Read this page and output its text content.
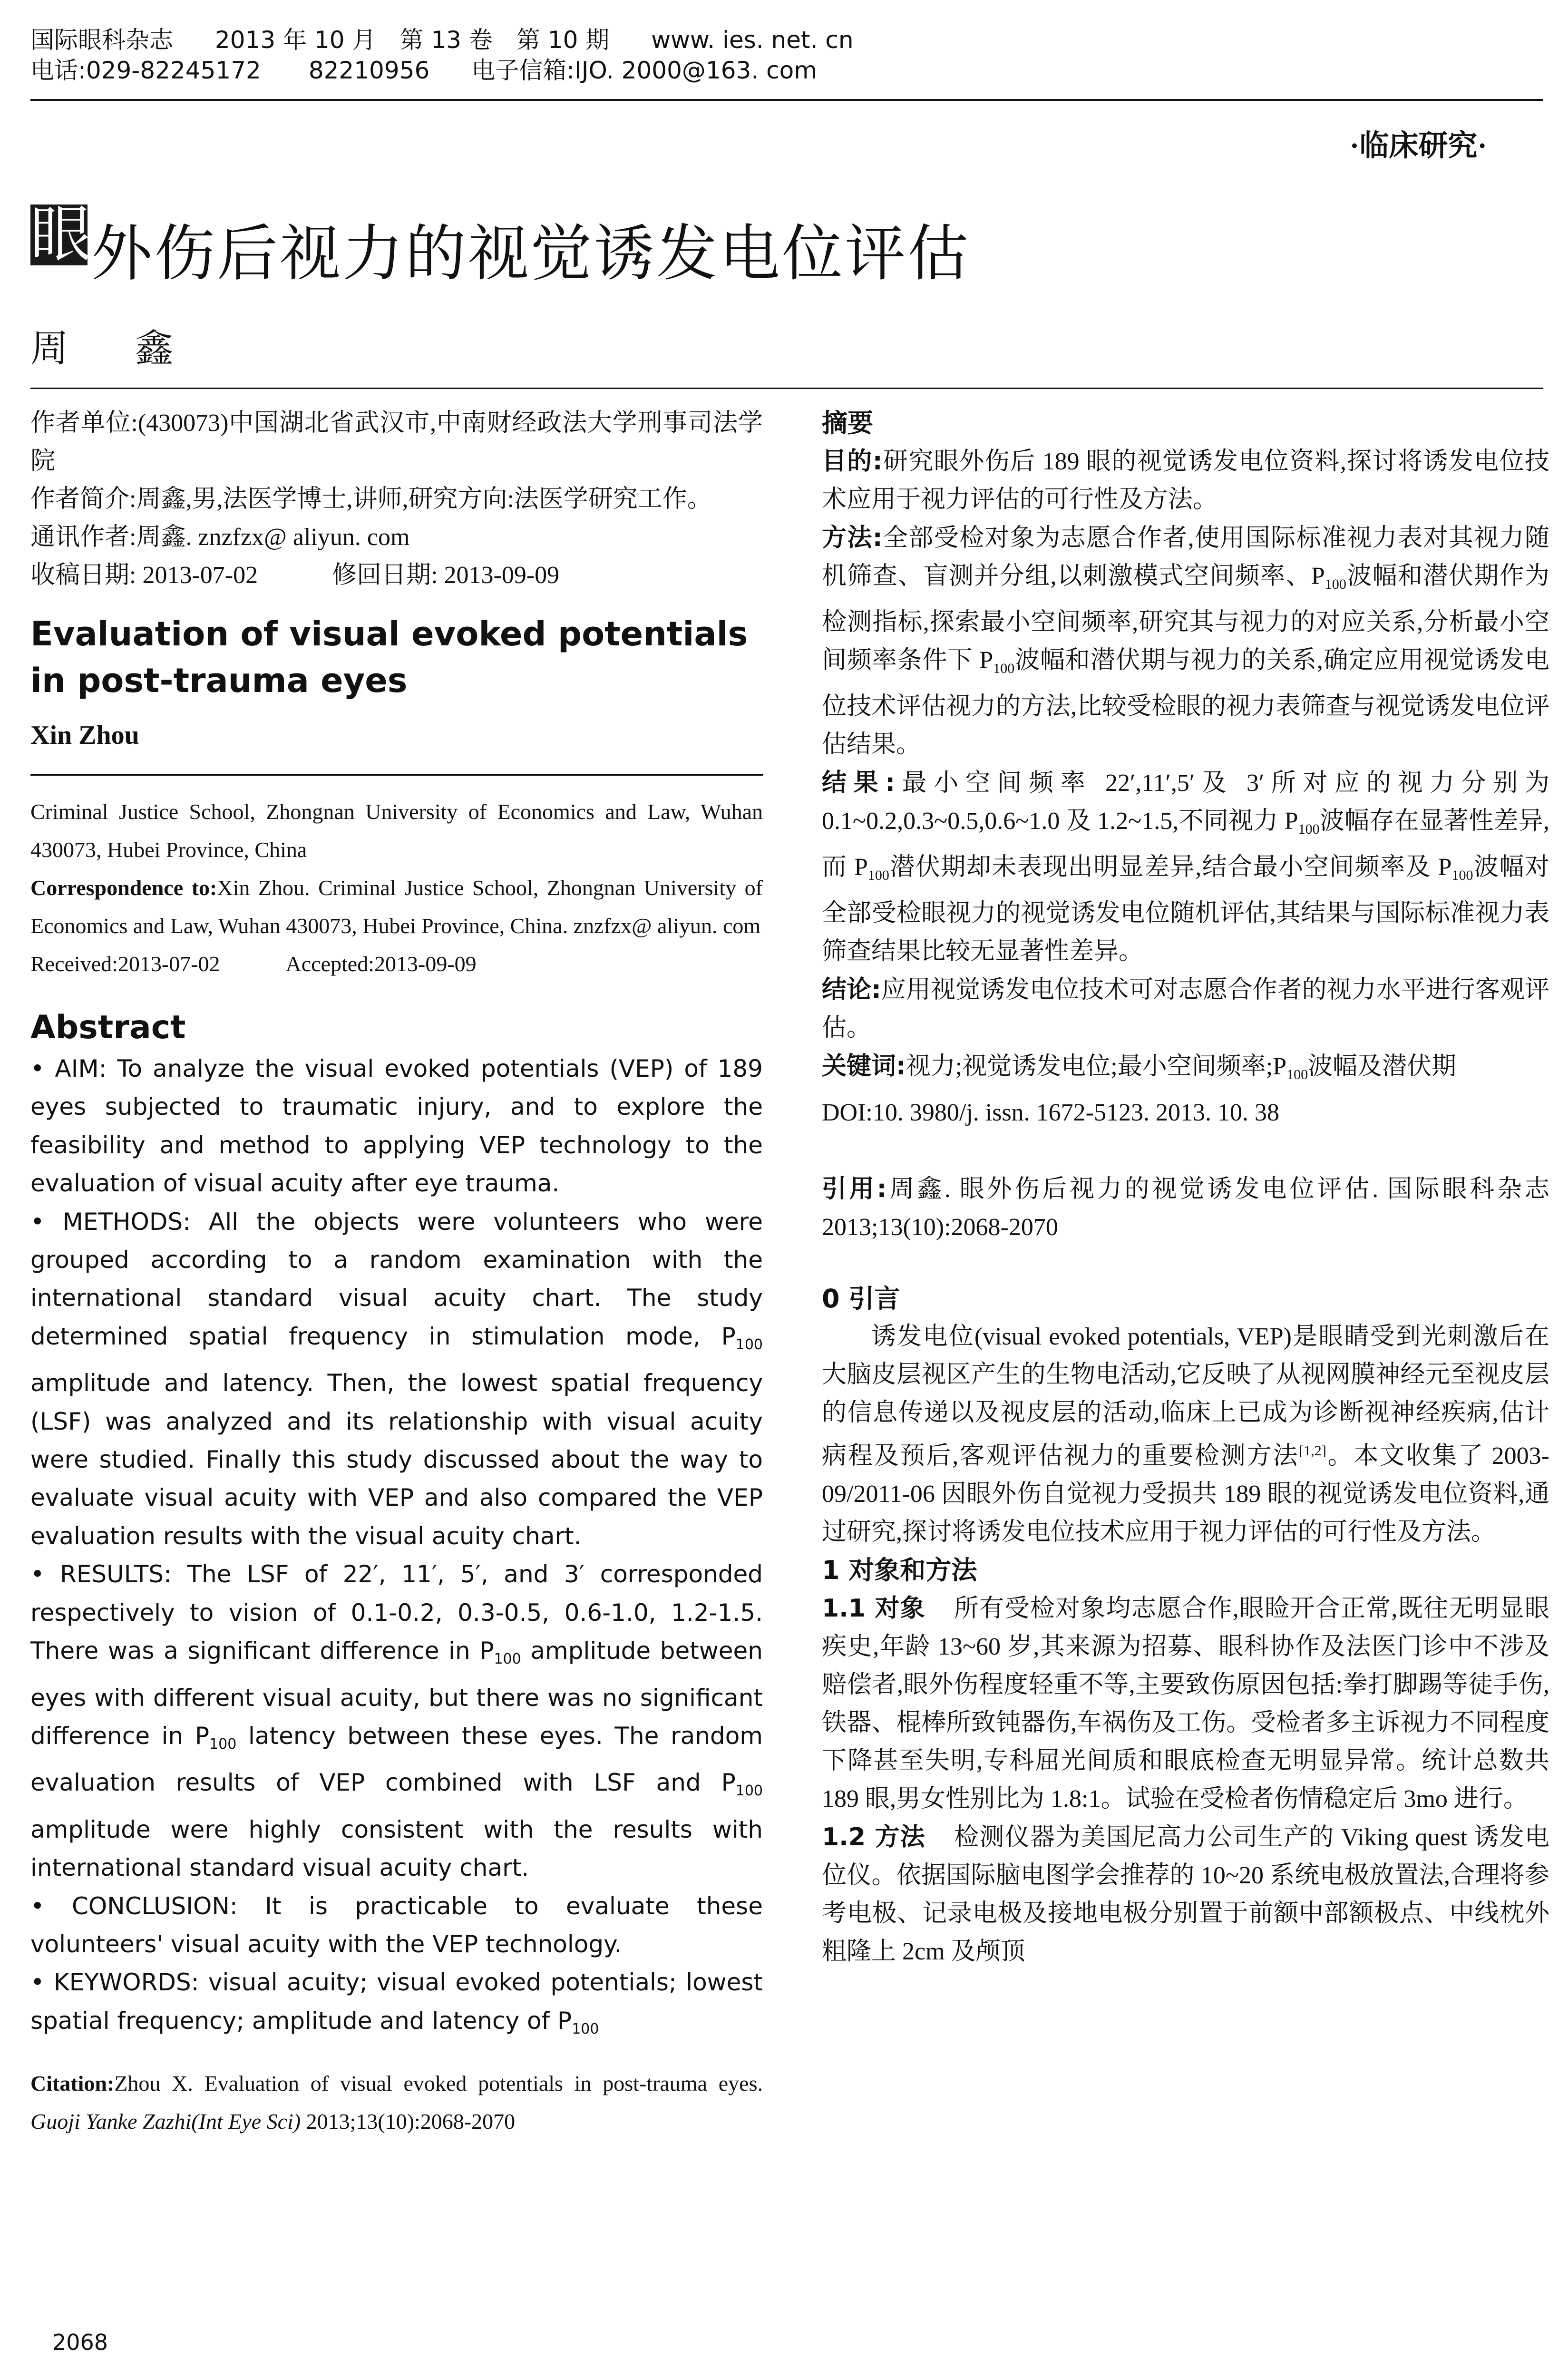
国际眼科杂志 2013 年 10 月　第 13 卷　第 10 期 www. ies. net. cn
电话:029-82245172　　82210956 电子信箱:IJO. 2000@163. com
·临床研究·
眼外伤后视力的视觉诱发电位评估
周 鑫

作者单位:(430073)中国湖北省武汉市,中南财经政法大学刑事司法学院

作者简介:周鑫,男,法医学博士,讲师,研究方向:法医学研究工作。

通讯作者:周鑫. znzfzx@ aliyun. com

收稿日期: 2013-07-02　　　修回日期: 2013-09-09

Evaluation of visual evoked potentials in post-trauma eyes
Xin Zhou

Criminal Justice School, Zhongnan University of Economics and Law, Wuhan 430073, Hubei Province, China

Correspondence to:Xin Zhou. Criminal Justice School, Zhongnan University of Economics and Law, Wuhan 430073, Hubei Province, China. znzfzx@ aliyun. com

Received:2013-07-02　　　Accepted:2013-09-09

Abstract

• AIM: To analyze the visual evoked potentials (VEP) of 189 eyes subjected to traumatic injury, and to explore the feasibility and method to applying VEP technology to the evaluation of visual acuity after eye trauma.

• METHODS: All the objects were volunteers who were grouped according to a random examination with the international standard visual acuity chart. The study determined spatial frequency in stimulation mode, $P_{100}$ amplitude and latency. Then, the lowest spatial frequency (LSF) was analyzed and its relationship with visual acuity were studied. Finally this study discussed about the way to evaluate visual acuity with VEP and also compared the VEP evaluation results with the visual acuity chart.

• RESULTS: The LSF of 22′, 11′, 5′, and 3′ corresponded respectively to vision of 0.1-0.2, 0.3-0.5, 0.6-1.0, 1.2-1.5. There was a significant difference in $P_{100}$ amplitude between eyes with different visual acuity, but there was no significant difference in $P_{100}$ latency between these eyes. The random evaluation results of VEP combined with LSF and $P_{100}$ amplitude were highly consistent with the results with international standard visual acuity chart.

• CONCLUSION: It is practicable to evaluate these volunteers' visual acuity with the VEP technology.

• KEYWORDS: visual acuity; visual evoked potentials; lowest spatial frequency; amplitude and latency of $P_{100}$

Citation:Zhou X. Evaluation of visual evoked potentials in post-trauma eyes. Guoji Yanke Zazhi(Int Eye Sci) 2013;13(10):2068-2070
摘要

目的:研究眼外伤后 189 眼的视觉诱发电位资料,探讨将诱发电位技术应用于视力评估的可行性及方法。

方法:全部受检对象为志愿合作者,使用国际标准视力表对其视力随机筛查、盲测并分组,以刺激模式空间频率、$P_{100}$波幅和潜伏期作为检测指标,探索最小空间频率,研究其与视力的对应关系,分析最小空间频率条件下 $P_{100}$波幅和潜伏期与视力的关系,确定应用视觉诱发电位技术评估视力的方法,比较受检眼的视力表筛查与视觉诱发电位评估结果。

结果:最小空间频率 22′,11′,5′及 3′所对应的视力分别为 0.1~0.2,0.3~0.5,0.6~1.0 及 1.2~1.5,不同视力 $P_{100}$波幅存在显著性差异,而 $P_{100}$潜伏期却未表现出明显差异,结合最小空间频率及 $P_{100}$波幅对全部受检眼视力的视觉诱发电位随机评估,其结果与国际标准视力表筛查结果比较无显著性差异。

结论:应用视觉诱发电位技术可对志愿合作者的视力水平进行客观评估。

关键词:视力;视觉诱发电位;最小空间频率$;P_{100}$波幅及潜伏期

DOI:10. 3980/j. issn. 1672-5123. 2013. 10. 38

引用:周鑫. 眼外伤后视力的视觉诱发电位评估. 国际眼科杂志 2013;13(10):2068-2070

0 引言

诱发电位(visual evoked potentials, VEP)是眼睛受到光刺激后在大脑皮层视区产生的生物电活动,它反映了从视网膜神经元至视皮层的信息传递以及视皮层的活动,临床上已成为诊断视神经疾病,估计病程及预后,客观评估视力的重要检测方法[1,2]。本文收集了 2003-09/2011-06 因眼外伤自觉视力受损共 189 眼的视觉诱发电位资料,通过研究,探讨将诱发电位技术应用于视力评估的可行性及方法。

1 对象和方法

1.1 对象 所有受检对象均志愿合作,眼睑开合正常,既往无明显眼疾史,年龄 13~60 岁,其来源为招募、眼科协作及法医门诊中不涉及赔偿者,眼外伤程度轻重不等,主要致伤原因包括:拳打脚踢等徒手伤,铁器、棍棒所致钝器伤,车祸伤及工伤。受检者多主诉视力不同程度下降甚至失明,专科屈光间质和眼底检查无明显异常。统计总数共 189 眼,男女性别比为 1.8:1。试验在受检者伤情稳定后 3mo 进行。

1.2 方法 检测仪器为美国尼高力公司生产的 Viking quest 诱发电位仪。依据国际脑电图学会推荐的 10~20 系统电极放置法,合理将参考电极、记录电极及接地电极分别置于前额中部额极点、中线枕外粗隆上 2cm 及颅顶

2068
